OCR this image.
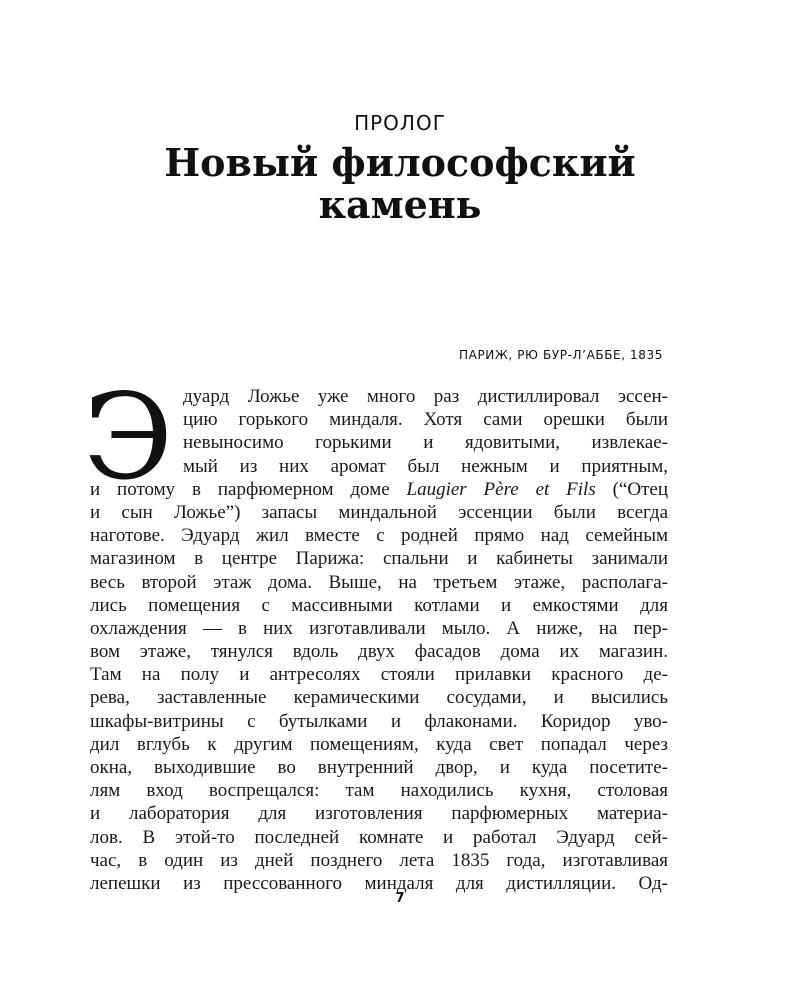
ПРОЛОГ
Новый философский
камень
ПАРИЖ, РЮ БУР-Л’АББЕ, 1835
Э дуард Ложье уже много раз дистиллировал эссен-
цию горького миндаля. Хотя сами орешки были
невыносимо горькими и ядовитыми, извлекае-
мый из них аромат был нежным и приятным,
и потому в парфюмерном доме Laugier Père et Fils (“Отец
и сын Ложье”) запасы миндальной эссенции были всегда
наготове. Эдуард жил вместе с родней прямо над семейным
магазином в центре Парижа: спальни и кабинеты занимали
весь второй этаж дома. Выше, на третьем этаже, располага-
лись помещения с массивными котлами и емкостями для
охлаждения — в них изготавливали мыло. А ниже, на пер-
вом этаже, тянулся вдоль двух фасадов дома их магазин.
Там на полу и антресолях стояли прилавки красного де-
рева, заставленные керамическими сосудами, и высились
шкафы-витрины с бутылками и флаконами. Коридор уво-
дил вглубь к другим помещениям, куда свет попадал через
окна, выходившие во внутренний двор, и куда посетите-
лям вход воспрещался: там находились кухня, столовая
и лаборатория для изготовления парфюмерных материа-
лов. В этой-то последней комнате и работал Эдуард сей-
час, в один из дней позднего лета 1835 года, изготавливая
лепешки из прессованного миндаля для дистилляции. Од-
7
